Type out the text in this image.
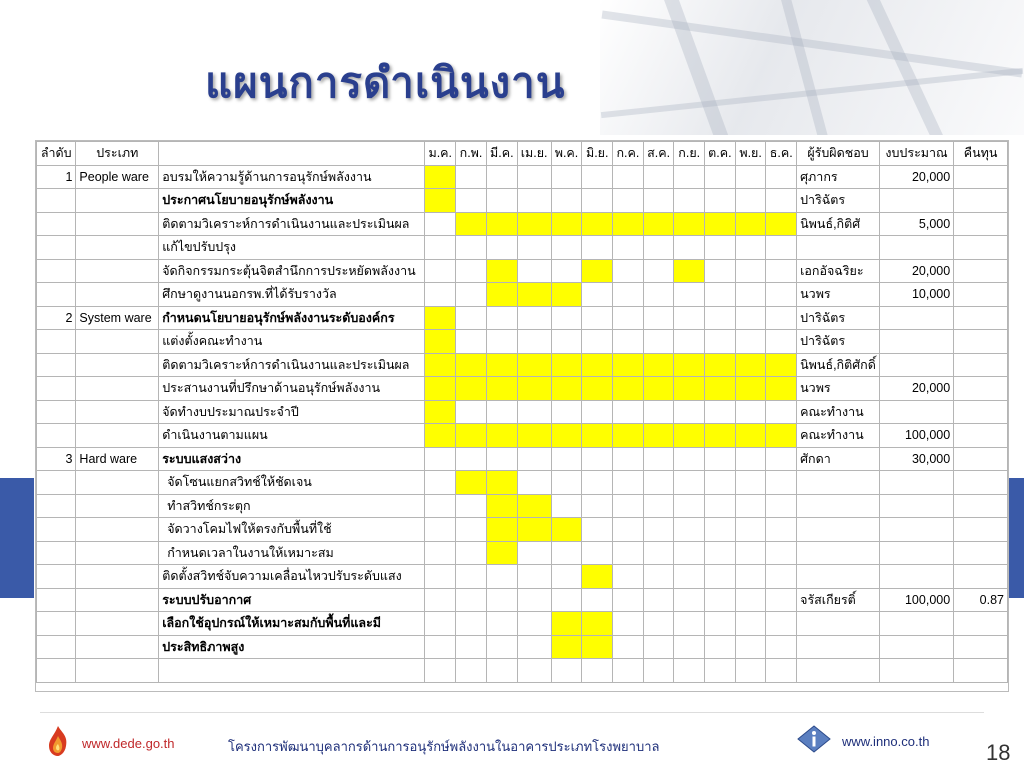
แผนการดำเนินงาน
ลำดับ	ประเภท		ม.ค.	ก.พ.	มี.ค.	เม.ย.	พ.ค.	มิ.ย.	ก.ค.	ส.ค.	ก.ย.	ต.ค.	พ.ย.	ธ.ค.	ผู้รับผิดชอบ	งบประมาณ	คืนทุน
1	People ware	อบรมให้ความรู้ด้านการอนุรักษ์พลังงาน													ศุภากร	20,000	
		ประกาศนโยบายอนุรักษ์พลังงาน													ปาริฉัตร		
		ติดตามวิเคราะห์การดำเนินงานและประเมินผล													นิพนธ์,กิติศั	5,000	
		แก้ไขปรับปรุง															
		จัดกิจกรรมกระตุ้นจิตสำนึกการประหยัดพลังงาน													เอกอัจฉริยะ	20,000	
		ศึกษาดูงานนอกรพ.ที่ได้รับรางวัล													นวพร	10,000	
2	System ware	กำหนดนโยบายอนุรักษ์พลังงานระดับองค์กร													ปาริฉัตร		
		แต่งตั้งคณะทำงาน													ปาริฉัตร		
		ติดตามวิเคราะห์การดำเนินงานและประเมินผล													นิพนธ์,กิติศักดิ์		
		ประสานงานที่ปรึกษาด้านอนุรักษ์พลังงาน													นวพร	20,000	
		จัดทำงบประมาณประจำปี													คณะทำงาน		
		ดำเนินงานตามแผน													คณะทำงาน	100,000	
3	Hard ware	ระบบแสงสว่าง													ศักดา	30,000	
		จัดโซนแยกสวิทช์ให้ชัดเจน															
		ทำสวิทช์กระตุก															
		จัดวางโคมไฟให้ตรงกับพื้นที่ใช้															
		กำหนดเวลาในงานให้เหมาะสม															
		ติดตั้งสวิทช์จับความเคลื่อนไหวปรับระดับแสง															
		ระบบปรับอากาศ													จรัสเกียรติ์	100,000	0.87
		เลือกใช้อุปกรณ์ให้เหมาะสมกับพื้นที่และมี															
		ประสิทธิภาพสูง															

www.dede.go.th	โครงการพัฒนาบุคลากรด้านการอนุรักษ์พลังงานในอาคารประเภทโรงพยาบาล	www.inno.co.th	18
